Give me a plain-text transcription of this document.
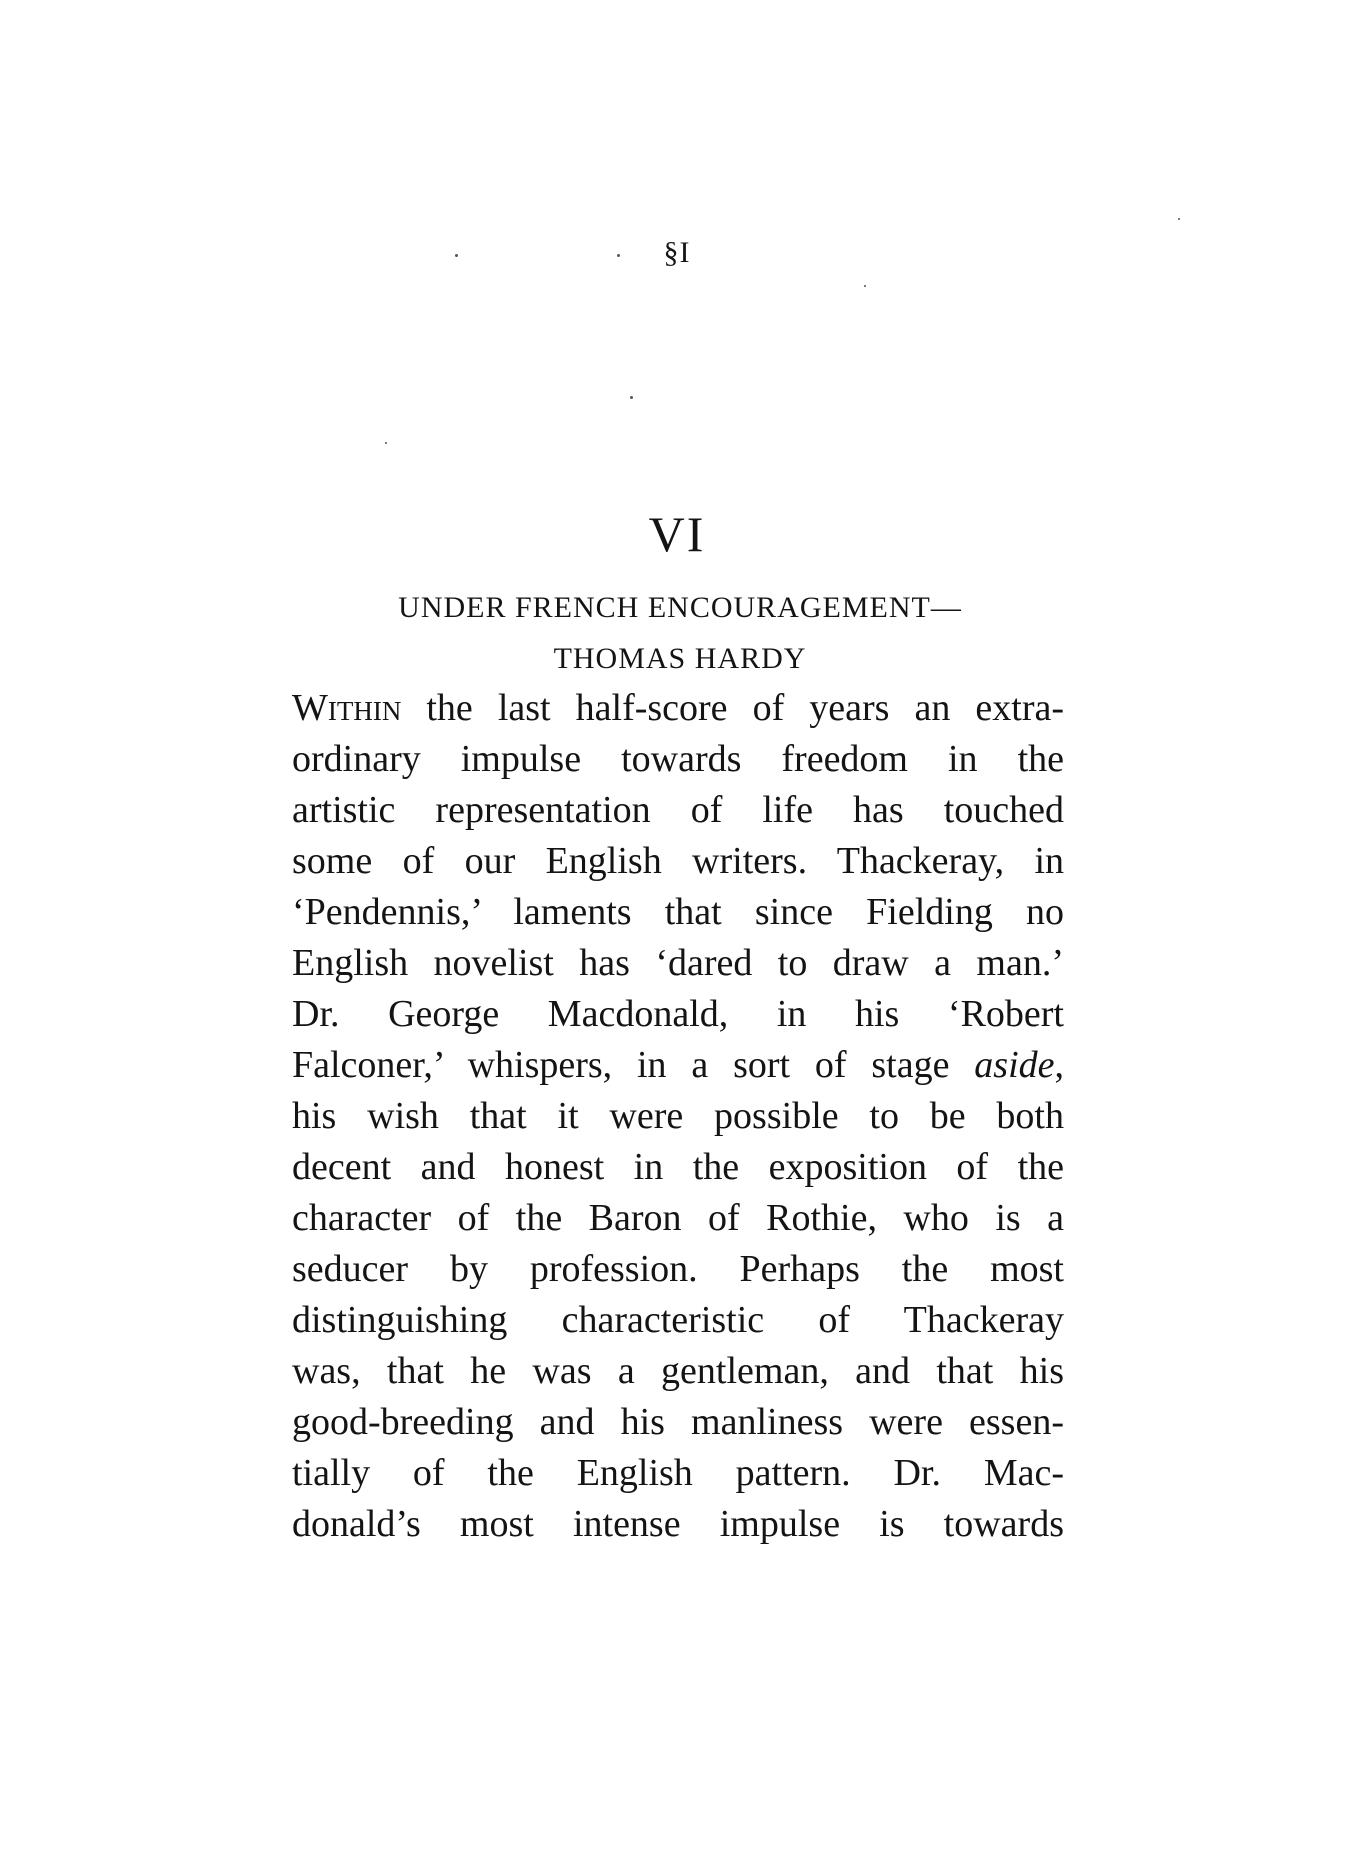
§I
VI
UNDER FRENCH ENCOURAGEMENT—
THOMAS HARDY
Within the last half-score of years an extra-
ordinary impulse towards freedom in the
artistic representation of life has touched
some of our English writers. Thackeray, in
‘Pendennis,’ laments that since Fielding no
English novelist has ‘dared to draw a man.’
Dr. George Macdonald, in his ‘Robert
Falconer,’ whispers, in a sort of stage aside,
his wish that it were possible to be both
decent and honest in the exposition of the
character of the Baron of Rothie, who is a
seducer by profession. Perhaps the most
distinguishing characteristic of Thackeray
was, that he was a gentleman, and that his
good-breeding and his manliness were essen-
tially of the English pattern. Dr. Mac-
donald’s most intense impulse is towards
